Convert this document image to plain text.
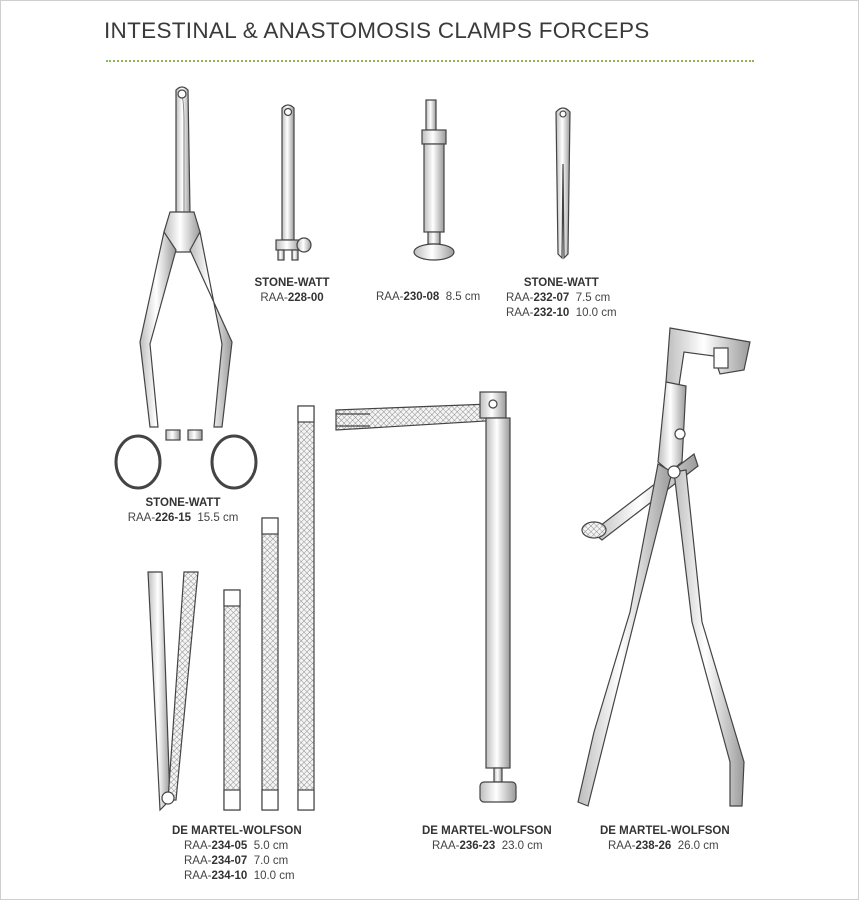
INTESTINAL & ANASTOMOSIS CLAMPS FORCEPS
STONE-WATT
RAA-226-15 15.5 cm
STONE-WATT
RAA-228-00	RAA-230-08 8.5 cm
STONE-WATT
RAA-232-07 7.5 cm
RAA-232-10 10.0 cm
DE MARTEL-WOLFSON
RAA-234-05 5.0 cm
RAA-234-07 7.0 cm
RAA-234-10 10.0 cm
DE MARTEL-WOLFSON
RAA-236-23 23.0 cm
DE MARTEL-WOLFSON
RAA-238-26 26.0 cm
